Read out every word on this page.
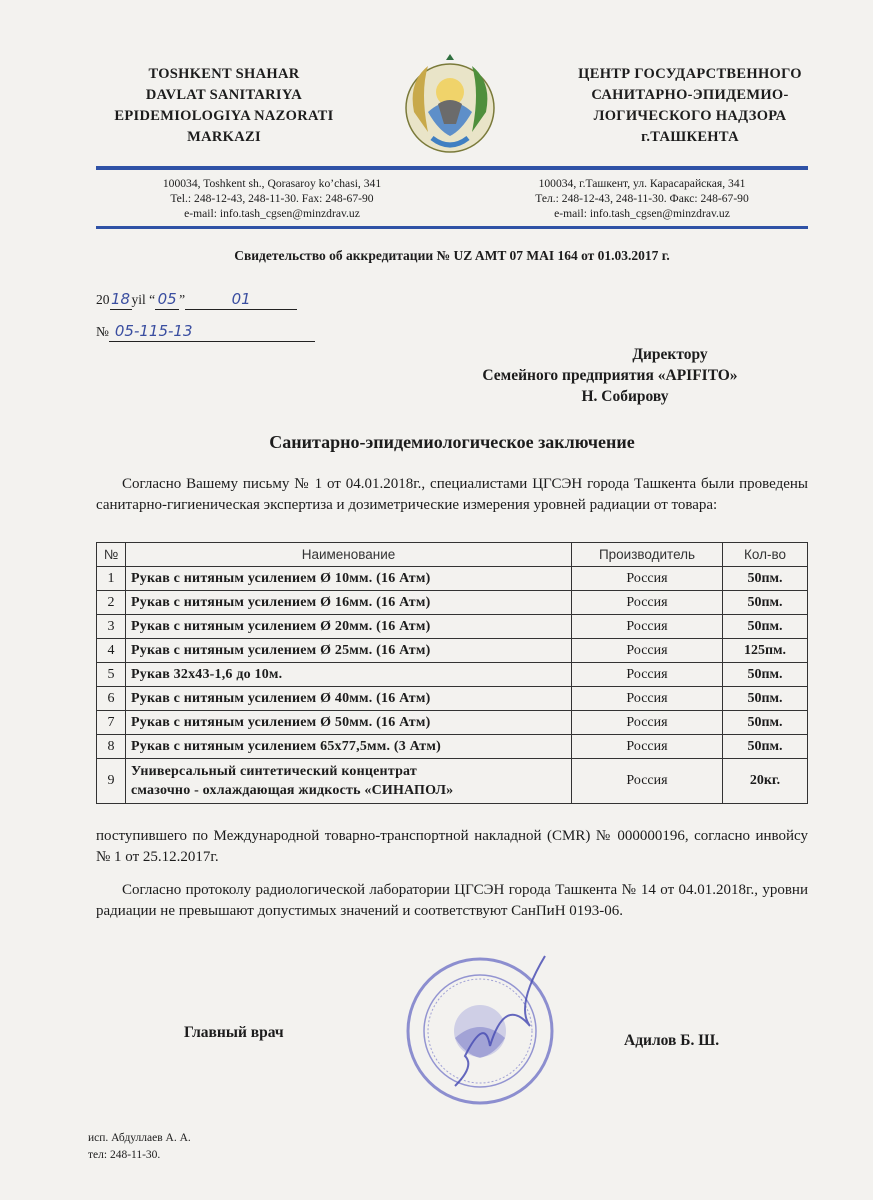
TOSHKENT SHAHAR
DAVLAT SANITARIYA
EPIDEMIOLOGIYA NAZORATI
MARKAZI
ЦЕНТР ГОСУДАРСТВЕННОГО
САНИТАРНО-ЭПИДЕМИО-
ЛОГИЧЕСКОГО НАДЗОРА
г.ТАШКЕНТА
100034, Toshkent sh., Qorasaroy ko’chasi, 341
Tel.: 248-12-43, 248-11-30. Fax: 248-67-90
e-mail: info.tash_cgsen@minzdrav.uz
100034, г.Ташкент, ул. Карасарайская, 341
Тел.: 248-12-43, 248-11-30. Факс: 248-67-90
e-mail: info.tash_cgsen@minzdrav.uz
Свидетельство об аккредитации № UZ AMT 07 MAI 164 от 01.03.2017 г.
2018yil “ 05 ”	01
№ 05-115-13
Директору
Семейного предприятия «APIFITO»
Н. Собирову
Санитарно-эпидемиологическое заключение
Согласно Вашему письму № 1 от 04.01.2018г., специалистами ЦГСЭН города Ташкента были проведены санитарно-гигиеническая экспертиза и дозиметрические измерения уровней радиации от товара:
№	Наименование	Производитель	Кол-во
1	Рукав с нитяным усилением Ø 10мм. (16 Атм)	Россия	50пм.
2	Рукав с нитяным усилением Ø 16мм. (16 Атм)	Россия	50пм.
3	Рукав с нитяным усилением Ø 20мм. (16 Атм)	Россия	50пм.
4	Рукав с нитяным усилением Ø 25мм. (16 Атм)	Россия	125пм.
5	Рукав 32x43-1,6 до 10м.	Россия	50пм.
6	Рукав с нитяным усилением Ø 40мм. (16 Атм)	Россия	50пм.
7	Рукав с нитяным усилением Ø 50мм. (16 Атм)	Россия	50пм.
8	Рукав с нитяным усилением 65x77,5мм. (3 Атм)	Россия	50пм.
9	Универсальный синтетический концентрат
смазочно - охлаждающая жидкость «СИНАПОЛ»	Россия	20кг.
поступившего по Международной товарно-транспортной накладной (CMR) № 000000196, согласно инвойсу № 1 от 25.12.2017г.
Согласно протоколу радиологической лаборатории ЦГСЭН города Ташкента № 14 от 04.01.2018г., уровни радиации не превышают допустимых значений и соответствуют СанПиН 0193-06.
Главный врач	Адилов Б. Ш.
исп. Абдуллаев А. А.
тел: 248-11-30.
